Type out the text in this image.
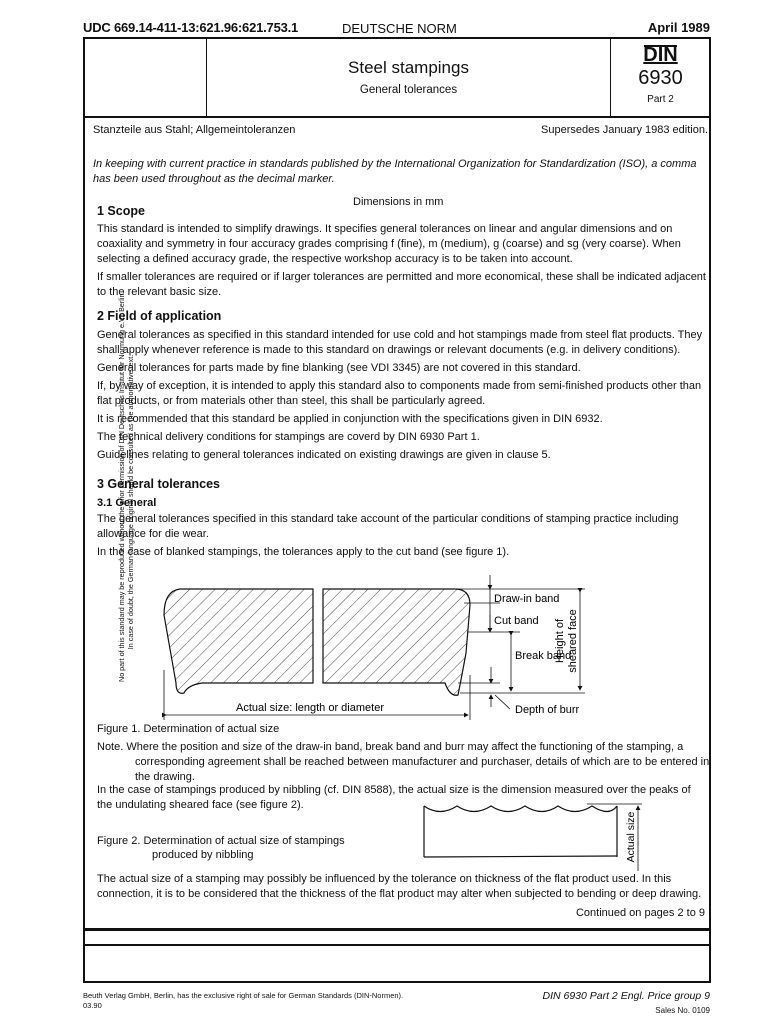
UDC 669.14-411-13:621.96:621.753.1	DEUTSCHE NORM	April 1989
Steel stampings
General tolerances
DIN
6930
Part 2
Stanzteile aus Stahl; Allgemeintoleranzen	Supersedes January 1983 edition.
In keeping with current practice in standards published by the International Organization for Standardization (ISO), a comma has been used throughout as the decimal marker.
Dimensions in mm
1 Scope
This standard is intended to simplify drawings. It specifies general tolerances on linear and angular dimensions and on coaxiality and symmetry in four accuracy grades comprising f (fine), m (medium), g (coarse) and sg (very coarse). When selecting a defined accuracy grade, the respective workshop accuracy is to be taken into account.
If smaller tolerances are required or if larger tolerances are permitted and more economical, these shall be indicated adjacent to the relevant basic size.
2 Field of application
General tolerances as specified in this standard intended for use cold and hot stampings made from steel flat products. They shall apply whenever reference is made to this standard on drawings or relevant documents (e.g. in delivery conditions).
General tolerances for parts made by fine blanking (see VDI 3345) are not covered in this standard.
If, by way of exception, it is intended to apply this standard also to components made from semi-finished products other than flat products, or from materials other than steel, this shall be particularly agreed.
It is recommended that this standard be applied in conjunction with the specifications given in DIN 6932.
The technical delivery conditions for stampings are coverd by DIN 6930 Part 1.
Guidelines relating to general tolerances indicated on existing drawings are given in clause 5.
3 General tolerances
3.1 General
The general tolerances specified in this standard take account of the particular conditions of stamping practice including allowance for die wear.
In the case of blanked stampings, the tolerances apply to the cut band (see figure 1).
Actual size: length or diameter
Draw-in band
Cut band
Break band
Depth of burr
Height of sheared face
Figure 1. Determination of actual size
Note. Where the position and size of the draw-in band, break band and burr may affect the functioning of the stamping, a corresponding agreement shall be reached between manufacturer and purchaser, details of which are to be entered in the drawing.
In the case of stampings produced by nibbling (cf. DIN 8588), the actual size is the dimension measured over the peaks of the undulating sheared face (see figure 2).
Actual size
Figure 2. Determination of actual size of stampings
produced by nibbling
The actual size of a stamping may possibly be influenced by the tolerance on thickness of the flat product used. In this connection, it is to be considered that the thickness of the flat product may alter when subjected to bending or deep drawing.
Continued on pages 2 to 9
Beuth Verlag GmbH, Berlin, has the exclusive right of sale for German Standards (DIN-Normen).
03.90
DIN 6930 Part 2 Engl. Price group 9
Sales No. 0109
No part of this standard may be reproduced without the prior permission of DIN Deutsches Institut für Normung e.V., Berlin. In case of doubt, the German-language original should be consulted as the authoritative text.
